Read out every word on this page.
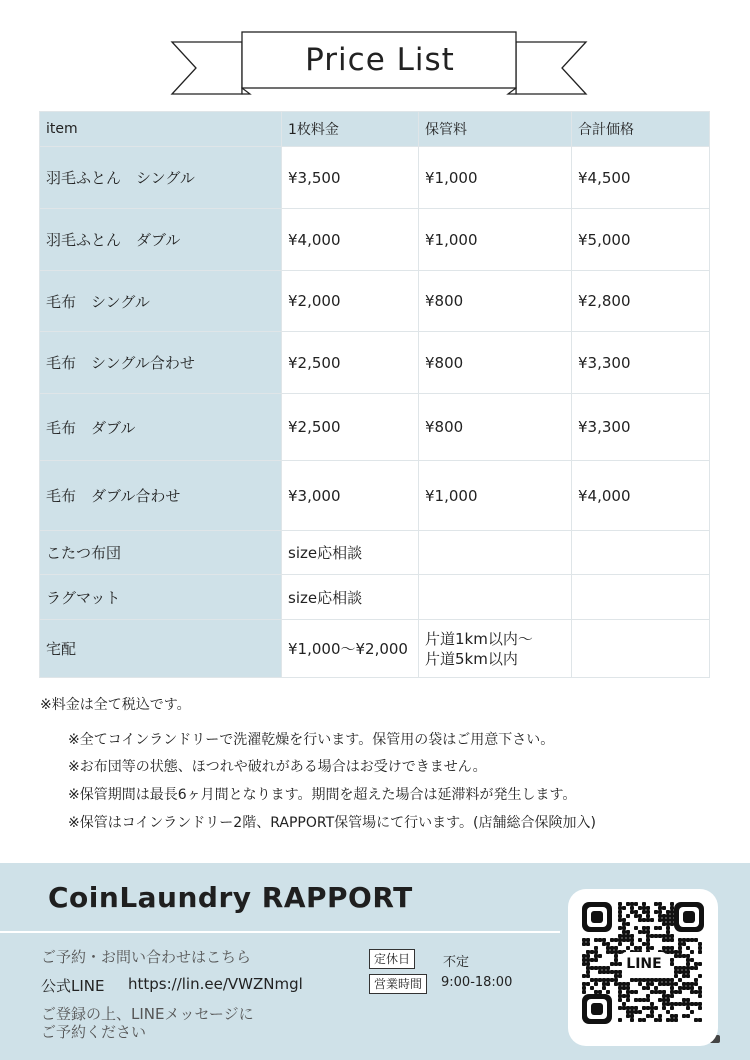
Price List
item	1枚料金	保管料	合計価格
羽毛ふとん　シングル	¥3,500	¥1,000	¥4,500
羽毛ふとん　ダブル	¥4,000	¥1,000	¥5,000
毛布　シングル	¥2,000	¥800	¥2,800
毛布　シングル合わせ	¥2,500	¥800	¥3,300
毛布　ダブル	¥2,500	¥800	¥3,300
毛布　ダブル合わせ	¥3,000	¥1,000	¥4,000
こたつ布団	size応相談		
ラグマット	size応相談		
宅配	¥1,000〜¥2,000	片道1km以内〜
片道5km以内	
※料金は全て税込です。
※全てコインランドリーで洗濯乾燥を行います。保管用の袋はご用意下さい。
※お布団等の状態、ほつれや破れがある場合はお受けできません。
※保管期間は最長6ヶ月間となります。期間を超えた場合は延滞料が発生します。
※保管はコインランドリー2階、RAPPORT保管場にて行います。(店舗総合保険加入)
CoinLaundry RAPPORT
ご予約・お問い合わせはこちら
公式LINE https://lin.ee/VWZNmgl
ご登録の上、LINEメッセージに
ご予約ください
定休日	不定
営業時間	9:00-18:00
LINE
